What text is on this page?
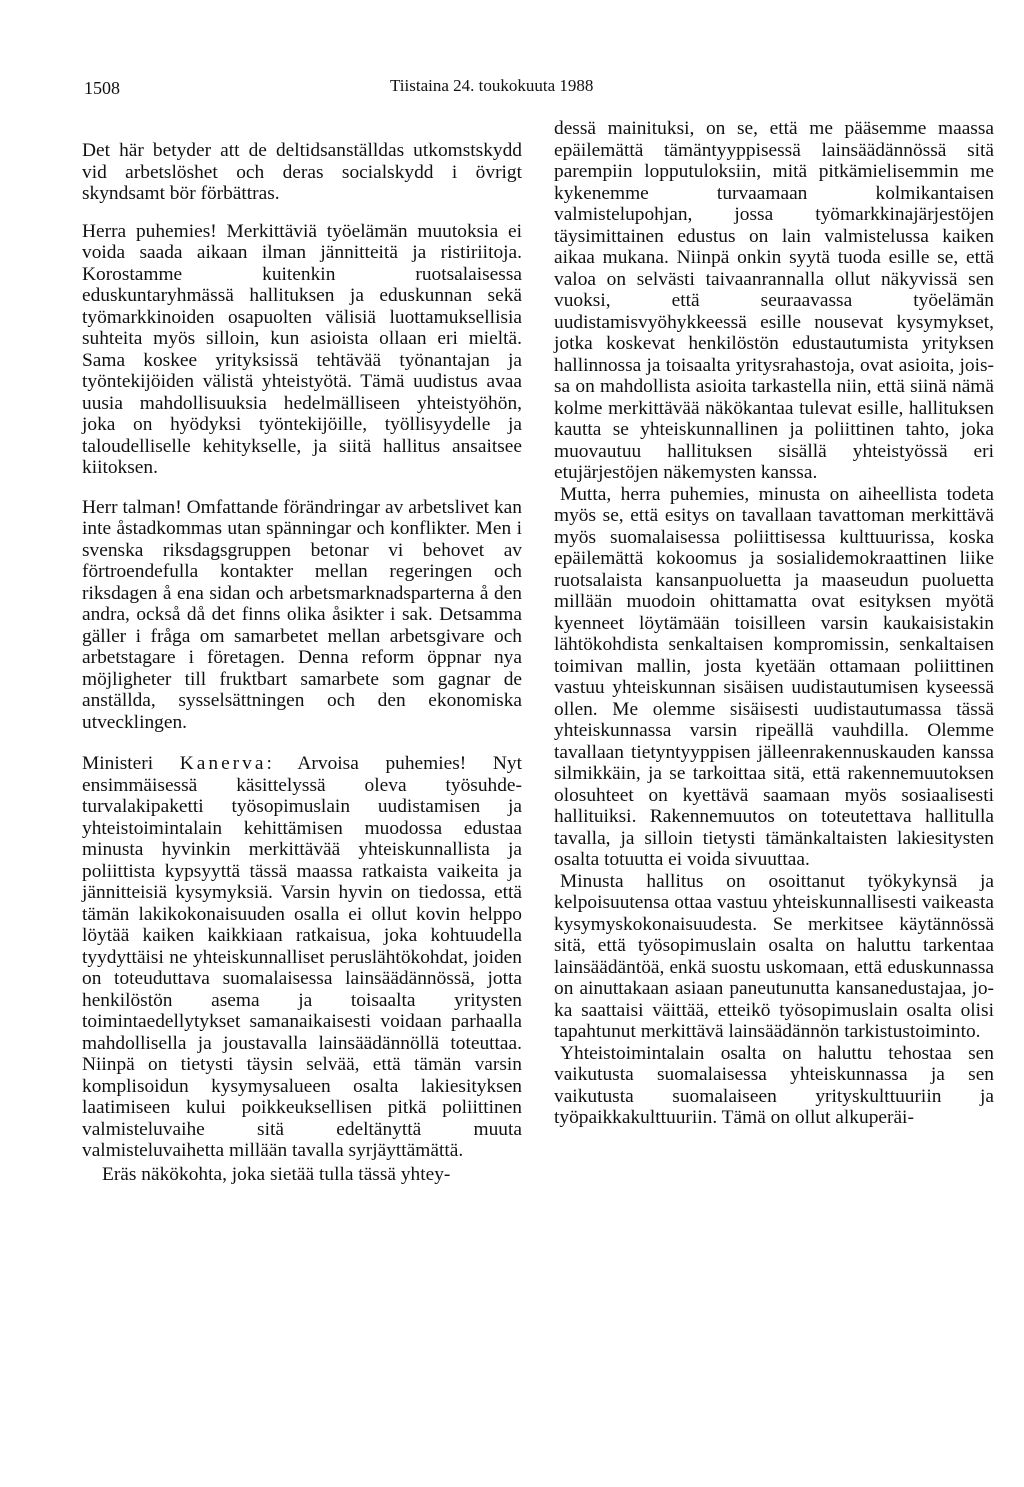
1508	Tiistaina 24. toukokuuta 1988

Det här betyder att de deltidsanställdas utkomstskydd vid arbetslöshet och deras socialskydd i övrigt skyndsamt bör förbättras.

Herra puhemies! Merkittäviä työelämän muutoksia ei voida saada aikaan ilman jännitteitä ja ristiriitoja. Korostamme kuitenkin ruotsalaisessa eduskuntaryhmässä hallituksen ja eduskunnan sekä työmarkkinoiden osapuolten välisiä luottamuksellisia suhteita myös silloin, kun asioista ollaan eri mieltä. Sama koskee yrityksissä tehtävää työnantajan ja työntekijöiden välistä yhteistyötä. Tämä uudistus avaa uusia mahdollisuuksia hedelmälliseen yhteistyöhön, joka on hyödyksi työntekijöille, työllisyydelle ja taloudelliselle kehitykselle, ja siitä hallitus ansaitsee kiitoksen.

Herr talman! Omfattande förändringar av arbetslivet kan inte åstadkommas utan spänningar och konflikter. Men i svenska riksdagsgruppen betonar vi behovet av förtroendefulla kontakter mellan regeringen och riksdagen å ena sidan och arbetsmarknadsparterna å den andra, också då det finns olika åsikter i sak. Detsamma gäller i fråga om samarbetet mellan arbetsgivare och arbetstagare i företagen. Denna reform öppnar nya möjligheter till fruktbart samarbete som gagnar de anställda, sysselsättningen och den ekonomiska utvecklingen.

Ministeri Kanerva: Arvoisa puhemies! Nyt ensimmäisessä käsittelyssä oleva työsuhdeturvalakipaketti työsopimuslain uudistamisen ja yhteistoimintalain kehittämisen muodossa edustaa minusta hyvinkin merkittävää yhteiskunnallista ja poliittista kypsyyttä tässä maassa ratkaista vaikeita ja jännitteisiä kysymyksiä. Varsin hyvin on tiedossa, että tämän lakikokonaisuuden osalla ei ollut kovin helppo löytää kaiken kaikkiaan ratkaisua, joka kohtuudella tyydyttäisi ne yhteiskunnalliset peruslähtökohdat, joiden on toteuduttava suomalaisessa lainsäädännössä, jotta henkilöstön asema ja toisaalta yritysten toimintaedellytykset samanaikaisesti voidaan parhaalla mahdollisella ja joustavalla lainsäädännöllä toteuttaa. Niinpä on tietysti täysin selvää, että tämän varsin komplisoidun kysymysalueen osalta lakiesityksen laatimiseen kului poikkeuksellisen pitkä poliittinen valmisteluvaihe sitä edeltänyttä muuta valmisteluvaihetta millään tavalla syrjäyttämättä.

Eräs näkökohta, joka sietää tulla tässä yhtey-

dessä mainituksi, on se, että me pääsemme maassa epäilemättä tämäntyyppisessä lainsäädännössä sitä parempiin lopputuloksiin, mitä pitkämielisemmin me kykenemme turvaamaan kolmikantaisen valmistelupohjan, jossa työmarkkinajärjestöjen täysimittainen edustus on lain valmistelussa kaiken aikaa mukana. Niinpä onkin syytä tuoda esille se, että valoa on selvästi taivaanrannalla ollut näkyvissä sen vuoksi, että seuraavassa työelämän uudistamisvyöhykkeessä esille nousevat kysymykset, jotka koskevat henkilöstön edustautumista yrityksen hallinnossa ja toisaalta yritysrahastoja, ovat asioita, joissa on mahdollista asioita tarkastella niin, että siinä nämä kolme merkittävää näkökantaa tulevat esille, hallituksen kautta se yhteiskunnallinen ja poliittinen tahto, joka muovautuu hallituksen sisällä yhteistyössä eri etujärjestöjen näkemysten kanssa.

Mutta, herra puhemies, minusta on aiheellista todeta myös se, että esitys on tavallaan tavattoman merkittävä myös suomalaisessa poliittisessa kulttuurissa, koska epäilemättä kokoomus ja sosialidemokraattinen liike ruotsalaista kansanpuoluetta ja maaseudun puoluetta millään muodoin ohittamatta ovat esityksen myötä kyenneet löytämään toisilleen varsin kaukaisistakin lähtökohdista senkaltaisen kompromissin, senkaltaisen toimivan mallin, josta kyetään ottamaan poliittinen vastuu yhteiskunnan sisäisen uudistautumisen kyseessä ollen. Me olemme sisäisesti uudistautumassa tässä yhteiskunnassa varsin ripeällä vauhdilla. Olemme tavallaan tietyntyyppisen jälleenrakennuskauden kanssa silmikkäin, ja se tarkoittaa sitä, että rakennemuutoksen olosuhteet on kyettävä saamaan myös sosiaalisesti hallituiksi. Rakennemuutos on toteutettava hallitulla tavalla, ja silloin tietysti tämänkaltaisten lakiesitysten osalta totuutta ei voida sivuuttaa.

Minusta hallitus on osoittanut työkykynsä ja kelpoisuutensa ottaa vastuu yhteiskunnallisesti vaikeasta kysymyskokonaisuudesta. Se merkitsee käytännössä sitä, että työsopimuslain osalta on haluttu tarkentaa lainsäädäntöä, enkä suostu uskomaan, että eduskunnassa on ainuttakaan asiaan paneutunutta kansanedustajaa, joka saattaisi väittää, etteikö työsopimuslain osalta olisi tapahtunut merkittävä lainsäädännön tarkistustoiminto.

Yhteistoimintalain osalta on haluttu tehostaa sen vaikutusta suomalaisessa yhteiskunnassa ja sen vaikutusta suomalaiseen yrityskulttuuriin ja työpaikkakulttuuriin. Tämä on ollut alkuperäi-
